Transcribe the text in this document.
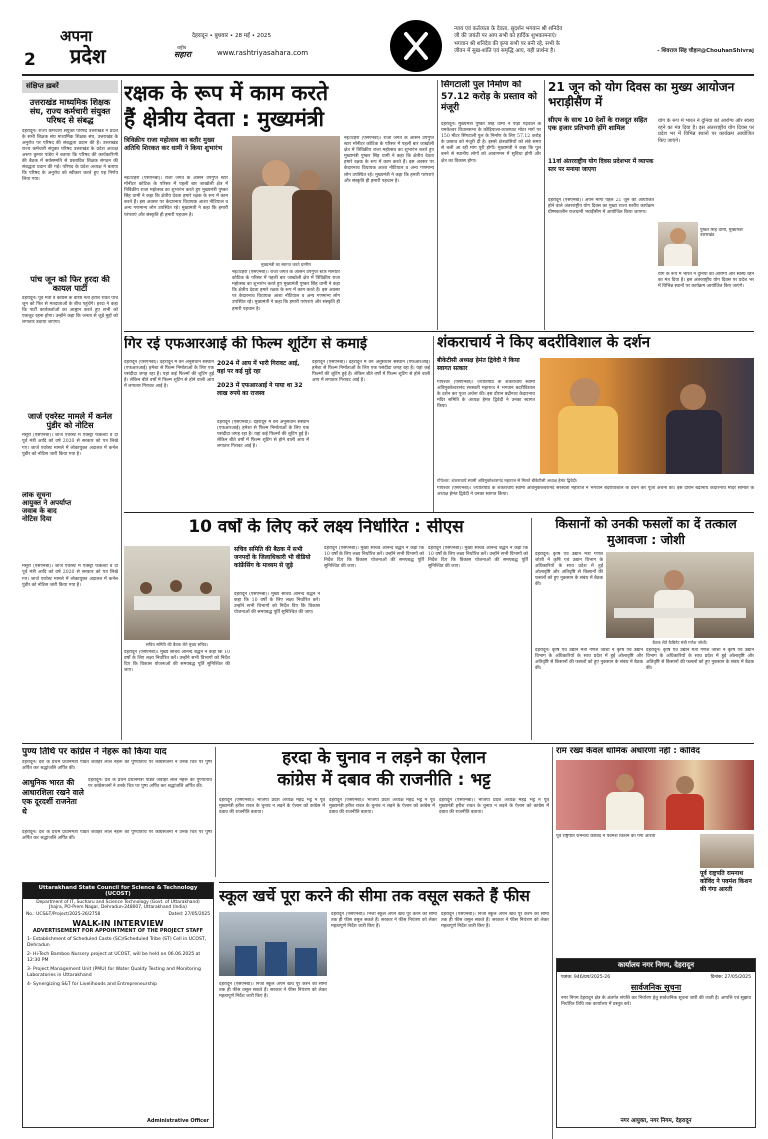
2
अपना
प्रदेश
देहरादून • बुधवार • 28 मई • 2025
राष्ट्रीय
सहारा	www.rashtriyasahara.com
न्याय एवं कर्तव्यता के देवता, सुदर्शन भगवान श्री शनिदेव
जी की जयंती पर आप सभी को हार्दिक शुभकामनाएं।
भगवान श्री शनिदेव की कृपा सभी पर बनी रहे, सभी के
जीवन में सुख-शांति एवं समृद्धि आए, यही प्रार्थना है।	- शिवराज सिंह चौहान@ChouhanShivraj
संक्षिप्त ख़बरें
उत्तराखंड माध्यमिक शिक्षक संघ, राज्य कर्मचारी संयुक्त परिषद से संबद्ध
देहरादून। राज्य कर्मचारी संयुक्त परिषद उत्तराखंड ने प्रदेश के सभी शिक्षक संघ माध्यमिक शिक्षक संघ, उत्तराखंड के अनुरोध पर परिषद की संबद्धता प्रदान की है। उत्तराखंड राज्य कर्मचारी संयुक्त परिषद उत्तराखंड के प्रदेश अध्यक्ष अरुण कुमार पांडेय ने बताया कि परिषद की कार्यकारिणी की बैठक में सर्वसम्मति से प्रस्तावित शिक्षक संगठन की संबद्धता प्रदान की गई। परिषद के प्रदेश अध्यक्ष ने बताया कि परिषद के अनुरोध को स्वीकार करते हुए यह निर्णय लिया गया।
पांच जून को फिर हरदा की कायल पार्टी
देहरादून। पूर्व मंत्री व कांग्रेस के वरिष्ठ नेता हरीश रावत पांच जून को फिर से मतदाताओं के बीच पहुंचेंगे। हरदा ने कहा कि पार्टी कार्यकर्ताओं का आह्वान करते हुए सभी को एकजुट रहना होगा। उन्होंने कहा कि जनता से जुड़े मुद्दों को लगातार उठाया जाएगा।
जार्ज एवरेस्ट मामले में कर्नल पुंडीर को नोटिस
मसूरी (एसएनबी)। जार्ज एवरेस्ट में एक्स्ट्रा फैकल्टी व दो पूर्व मंत्री आदि को वर्ष 2020 से सरकार को पत्र लिखे गए। जार्ज एवरेस्ट मामले में लोकायुक्त अदालत में कर्नल पुंडीर को नोटिस जारी किया गया है।
लोक सूचना आयुक्त ने अपर्याप्त जवाब के बाद नोटिस दिया
मसूरी (एसएनबी)। जार्ज एवरेस्ट में एक्स्ट्रा फैकल्टी व दो पूर्व मंत्री आदि को वर्ष 2020 से सरकार को पत्र लिखे गए। जार्ज एवरेस्ट मामले में लोकायुक्त अदालत में कर्नल पुंडीर को नोटिस जारी किया गया है।
रक्षक के रूप में काम करते
हैं क्षेत्रीय देवता : मुख्यमंत्री
मुख्यमंत्री का स्वागत करते ग्रामीण
त्रिविक्रीय राजा महोत्सव का बतौर मुख्य अतिथि शिरकत कर धामी ने किया शुभारंभ
नई/टिहरी (एसएनबी)। राजा जगत के आसन उपगुप्त स्टार मॉनीटर कोटिक के परिसर में पहली बार जाखोली क्षेत्र में त्रिविक्रीय राजा महोत्सव का शुभारंभ करते हुए मुख्यमंत्री पुष्कर सिंह धामी ने कहा कि क्षेत्रीय देवता हमारे रक्षक के रूप में काम करते हैं। इस अवसर पर केदारनाथ विधायक आशा नौटियाल व अन्य गणमान्य लोग उपस्थित रहे। मुख्यमंत्री ने कहा कि हमारी परंपराएं और संस्कृति ही हमारी पहचान है।
नई/टिहरी (एसएनबी)। राजा जगत के आसन उपगुप्त स्टार मॉनीटर कोटिक के परिसर में पहली बार जाखोली क्षेत्र में त्रिविक्रीय राजा महोत्सव का शुभारंभ करते हुए मुख्यमंत्री पुष्कर सिंह धामी ने कहा कि क्षेत्रीय देवता हमारे रक्षक के रूप में काम करते हैं। इस अवसर पर केदारनाथ विधायक आशा नौटियाल व अन्य गणमान्य लोग उपस्थित रहे। मुख्यमंत्री ने कहा कि हमारी परंपराएं और संस्कृति ही हमारी पहचान है।
नई/टिहरी (एसएनबी)। राजा जगत के आसन उपगुप्त स्टार मॉनीटर कोटिक के परिसर में पहली बार जाखोली क्षेत्र में त्रिविक्रीय राजा महोत्सव का शुभारंभ करते हुए मुख्यमंत्री पुष्कर सिंह धामी ने कहा कि क्षेत्रीय देवता हमारे रक्षक के रूप में काम करते हैं। इस अवसर पर केदारनाथ विधायक आशा नौटियाल व अन्य गणमान्य लोग उपस्थित रहे। मुख्यमंत्री ने कहा कि हमारी परंपराएं और संस्कृति ही हमारी पहचान है।
सिंगटाली पुल निर्माण को 57.12 करोड़ के प्रस्ताव को मंजूरी
देहरादून। मुख्यमंत्री पुष्कर सिंह धामी ने पौड़ी गढ़वाल के यमकेश्वर विधानसभा के कौड़ियाला-व्यासघाट मोटर मार्ग पर 150 मीटर सिंगटाली पुल के निर्माण के लिए 57.12 करोड़ के प्रस्ताव को मंजूरी दी है। इससे क्षेत्रवासियों को लंबे समय से चली आ रही मांग पूरी होगी। मुख्यमंत्री ने कहा कि पुल बनने से स्थानीय लोगों को आवागमन में सुविधा होगी और क्षेत्र का विकास होगा।
21 जून को योग दिवस का मुख्य आयोजन भराड़ीसैंण में
सीएम के साथ 10 देशों के राजदूत सहित एक हजार प्रतिभागी होंगे शामिल
11वां अंतरराष्ट्रीय योग दिवस प्रदेशभर में व्यापक स्तर पर मनाया जाएगा
देहरादून (एसएनबी)। अपने मार्गों पहले 21 जून को आयोजित होने वाले अंतरराष्ट्रीय योग दिवस का मुख्य राज्य स्तरीय कार्यक्रम ग्रीष्मकालीन राजधानी भराड़ीसैंण में आयोजित किया जाएगा।
योग के रूप में भारत ने दुनिया को आरोग्य और स्वस्थ रहने का मंत्र दिया है। इस अंतरराष्ट्रीय योग दिवस पर प्रदेश भर में विभिन्न स्थानों पर कार्यक्रम आयोजित किए जाएंगे।
पुष्कर सिंह धामी, मुख्यमंत्री उत्तराखंड
योग के रूप में भारत ने दुनिया को आरोग्य और स्वस्थ रहने का मंत्र दिया है। इस अंतरराष्ट्रीय योग दिवस पर प्रदेश भर में विभिन्न स्थानों पर कार्यक्रम आयोजित किए जाएंगे।
गिर रई एफआरआई की फिल्म शूटिंग से कमाई
देहरादून (एसएनबी)। देहरादून में वन अनुसंधान संस्थान (एफआरआई) हमेशा से फिल्म निर्माताओं के लिए एक पसंदीदा जगह रहा है। यहां कई फिल्मों की शूटिंग हुई है। लेकिन बीते वर्षों में फिल्म शूटिंग से होने वाली आय में लगातार गिरावट आई है।
2024 में आय में भारी गिरावट आई, वहां पर कई मुद्दे रहा
2023 में एफआरआई ने पाया था 32 लाख रुपये का राजस्व
देहरादून (एसएनबी)। देहरादून में वन अनुसंधान संस्थान (एफआरआई) हमेशा से फिल्म निर्माताओं के लिए एक पसंदीदा जगह रहा है। यहां कई फिल्मों की शूटिंग हुई है। लेकिन बीते वर्षों में फिल्म शूटिंग से होने वाली आय में लगातार गिरावट आई है।
देहरादून (एसएनबी)। देहरादून में वन अनुसंधान संस्थान (एफआरआई) हमेशा से फिल्म निर्माताओं के लिए एक पसंदीदा जगह रहा है। यहां कई फिल्मों की शूटिंग हुई है। लेकिन बीते वर्षों में फिल्म शूटिंग से होने वाली आय में लगातार गिरावट आई है।
शंकराचार्य ने किए बदरीविशाल के दर्शन
बीकेटीसी अध्यक्ष हेमंत द्विवेदी ने किया स्वागत सत्कार
गोपेश्वर (एसएनबी)। ज्योतिर्पीठ के शंकराचार्य स्वामी अविमुक्तेश्वरानंद सरस्वती महाराज ने भगवान बदरीविशाल के दर्शन कर पूजा अर्चना की। इस दौरान बद्रीनाथ केदारनाथ मंदिर समिति के अध्यक्ष हेमंत द्विवेदी ने उनका स्वागत किया।
गोपेश्वर: शंकराचार्य स्वामी अविमुक्तेश्वरानंद महाराज से मिलते बीकेटीसी अध्यक्ष हेमंत द्विवेदी।
गोपेश्वर (एसएनबी)। ज्योतिर्पीठ के शंकराचार्य स्वामी अविमुक्तेश्वरानंद सरस्वती महाराज ने भगवान बदरीविशाल के दर्शन कर पूजा अर्चना की। इस दौरान बद्रीनाथ केदारनाथ मंदिर समिति के अध्यक्ष हेमंत द्विवेदी ने उनका स्वागत किया।
10 वर्षों के लिए करें लक्ष्य निर्धारित : सीएस
सचिव समिति की बैठक लेते मुख्य सचिव।
सचिव समिति की बैठक में सभी जनपदों के जिलाधिकारी भी वीडियो कांफ्रेंसिंग के माध्यम से जुड़े
देहरादून (एसएनबी)। मुख्य सचिव आनन्द बर्द्धन ने कहा कि 10 वर्षों के लिए लक्ष्य निर्धारित करें। उन्होंने सभी विभागों को निर्देश दिए कि विकास योजनाओं की समयबद्ध पूर्ति सुनिश्चित की जाए।
देहरादून (एसएनबी)। मुख्य सचिव आनन्द बर्द्धन ने कहा कि 10 वर्षों के लिए लक्ष्य निर्धारित करें। उन्होंने सभी विभागों को निर्देश दिए कि विकास योजनाओं की समयबद्ध पूर्ति सुनिश्चित की जाए।
देहरादून (एसएनबी)। मुख्य सचिव आनन्द बर्द्धन ने कहा कि 10 वर्षों के लिए लक्ष्य निर्धारित करें। उन्होंने सभी विभागों को निर्देश दिए कि विकास योजनाओं की समयबद्ध पूर्ति सुनिश्चित की जाए।
देहरादून (एसएनबी)। मुख्य सचिव आनन्द बर्द्धन ने कहा कि 10 वर्षों के लिए लक्ष्य निर्धारित करें। उन्होंने सभी विभागों को निर्देश दिए कि विकास योजनाओं की समयबद्ध पूर्ति सुनिश्चित की जाए।
किसानों को उनकी फसलों का दें तत्काल मुआवजा : जोशी
देहरादून। कृषि एवं उद्यान मंत्री गणेश जोशी ने कृषि एवं उद्यान विभाग के अधिकारियों के साथ प्रदेश में हुई ओलावृष्टि और अतिवृष्टि से किसानों की फसलों को हुए नुकसान के संबंध में बैठक की।
बैठक लेते कैबिनेट मंत्री गणेश जोशी।
देहरादून। कृषि एवं उद्यान मंत्री गणेश जोशी ने कृषि एवं उद्यान विभाग के अधिकारियों के साथ प्रदेश में हुई ओलावृष्टि और अतिवृष्टि से किसानों की फसलों को हुए नुकसान के संबंध में बैठक की।
देहरादून। कृषि एवं उद्यान मंत्री गणेश जोशी ने कृषि एवं उद्यान विभाग के अधिकारियों के साथ प्रदेश में हुई ओलावृष्टि और अतिवृष्टि से किसानों की फसलों को हुए नुकसान के संबंध में बैठक की।
पुण्य तिथि पर कांग्रेस ने नेहरू को किया याद
देहरादून। देश के प्रथम प्रधानमंत्री पंडित जवाहर लाल नेहरू की पुण्यतिथि पर कांग्रेसजनों ने उनके चित्र पर पुष्प अर्पित कर श्रद्धांजलि अर्पित की।
आधुनिक भारत की आधारशिला रखने वाले एक दूरदर्शी राजनेता थे
देहरादून। देश के प्रथम प्रधानमंत्री पंडित जवाहर लाल नेहरू की पुण्यतिथि पर कांग्रेसजनों ने उनके चित्र पर पुष्प अर्पित कर श्रद्धांजलि अर्पित की।
देहरादून। देश के प्रथम प्रधानमंत्री पंडित जवाहर लाल नेहरू की पुण्यतिथि पर कांग्रेसजनों ने उनके चित्र पर पुष्प अर्पित कर श्रद्धांजलि अर्पित की।
हरदा के चुनाव न लड़ने का ऐलान
कांग्रेस में दबाव की राजनीति : भट्ट
देहरादून (एसएनबी)। भाजपा प्रदेश अध्यक्ष महेंद्र भट्ट ने पूर्व मुख्यमंत्री हरीश रावत के चुनाव न लड़ने के ऐलान को कांग्रेस में दबाव की राजनीति बताया।
देहरादून (एसएनबी)। भाजपा प्रदेश अध्यक्ष महेंद्र भट्ट ने पूर्व मुख्यमंत्री हरीश रावत के चुनाव न लड़ने के ऐलान को कांग्रेस में दबाव की राजनीति बताया।
देहरादून (एसएनबी)। भाजपा प्रदेश अध्यक्ष महेंद्र भट्ट ने पूर्व मुख्यमंत्री हरीश रावत के चुनाव न लड़ने के ऐलान को कांग्रेस में दबाव की राजनीति बताया।
राम रख्य केवल धार्मिक अधारणा नहीं : कोविंद
पूर्व राष्ट्रपति रामनाथ कोविंद ने पवमंश किशन की गंगा आरती
पूर्व राष्ट्रपति रामनाथ कोविंद ने पवमंश किशन की गंगा आरती
Uttarakhand State Council for Science & Technology (UCOST)
Department of IT, Sucharu and Science Technology (Govt. of Uttarakhand)
Jhajra, PO-Prem Nagar, Dehradun-248007, Uttarakhand (India)
No.: UCS&T/Project/2025-26/2758	Dated: 27/05/2025
WALK-IN INTERVIEW
ADVERTISEMENT FOR APPOINTMENT OF THE PROJECT STAFF
1- Establishment of Scheduled Caste (SC)/Scheduled Tribe (ST) Cell in UCOST, Dehradun
2- Hi-Tech Bamboo Nursery project at UCOST, will be held on 06.06.2025 at 12:30 PM
3- Project Management Unit (PMU) for Water Quality Testing and Monitoring Laboratories in Uttarakhand
4- Synergizing S&T for Livelihoods and Entrepreneurship
Administrative Officer
स्कूल खर्चे पूरा करने की सीमा तक वसूल सकते हैं फीस
देहरादून (एसएनबी)। निजी स्कूल अपने खर्चे पूरे करने की सीमा तक ही फीस वसूल सकते हैं। सरकार ने फीस नियंत्रण को लेकर महत्वपूर्ण निर्देश जारी किए हैं।
देहरादून (एसएनबी)। निजी स्कूल अपने खर्चे पूरे करने की सीमा तक ही फीस वसूल सकते हैं। सरकार ने फीस नियंत्रण को लेकर महत्वपूर्ण निर्देश जारी किए हैं।
देहरादून (एसएनबी)। निजी स्कूल अपने खर्चे पूरे करने की सीमा तक ही फीस वसूल सकते हैं। सरकार ने फीस नियंत्रण को लेकर महत्वपूर्ण निर्देश जारी किए हैं।
कार्यालय नगर निगम, देहरादून
पत्रांक: 946/प्रप/2025-26	दिनांक: 27/05/2025
सार्वजनिक सूचना
नगर निगम देहरादून क्षेत्र के अंतर्गत संपत्ति कर निर्धारण हेतु सार्वजनिक सूचना जारी की जाती है। आपत्ति एवं सुझाव निर्धारित तिथि तक कार्यालय में प्रस्तुत करें।
नगर आयुक्त, नगर निगम, देहरादून
